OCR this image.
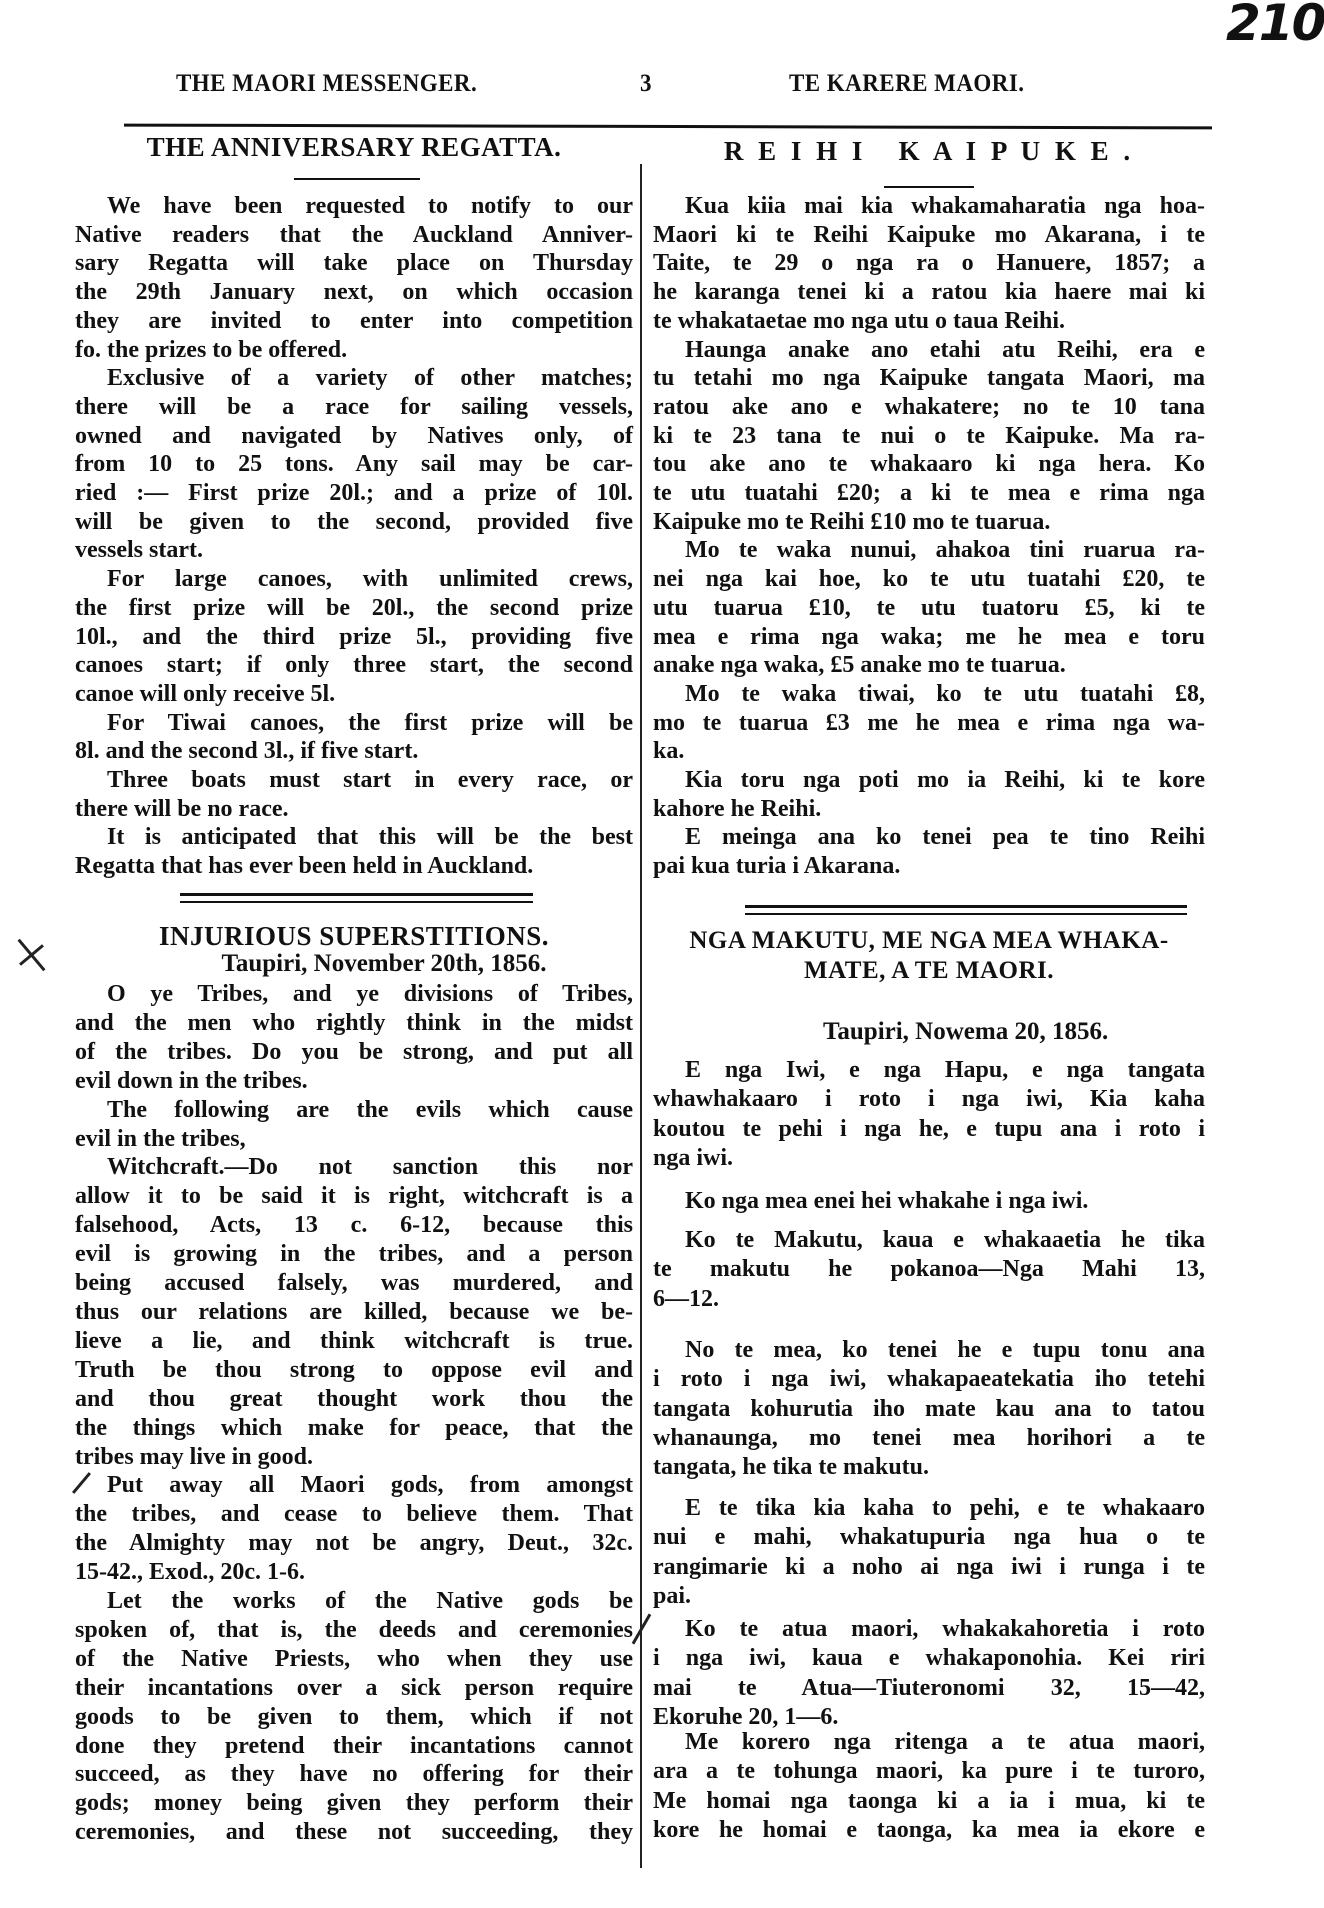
210
THE MAORI MESSENGER.	3	TE KARERE MAORI.
THE ANNIVERSARY REGATTA.
We have been requested to notify to our
Native readers that the Auckland Anniver-
sary Regatta will take place on Thursday
the 29th January next, on which occasion
they are invited to enter into competition
fo. the prizes to be offered.
Exclusive of a variety of other matches;
there will be a race for sailing vessels,
owned and navigated by Natives only, of
from 10 to 25 tons. Any sail may be car-
ried :— First prize 20l.; and a prize of 10l.
will be given to the second, provided five
vessels start.
For large canoes, with unlimited crews,
the first prize will be 20l., the second prize
10l., and the third prize 5l., providing five
canoes start; if only three start, the second
canoe will only receive 5l.
For Tiwai canoes, the first prize will be
8l. and the second 3l., if five start.
Three boats must start in every race, or
there will be no race.
It is anticipated that this will be the best
Regatta that has ever been held in Auckland.
INJURIOUS SUPERSTITIONS.
Taupiri, November 20th, 1856.
O ye Tribes, and ye divisions of Tribes,
and the men who rightly think in the midst
of the tribes. Do you be strong, and put all
evil down in the tribes.
The following are the evils which cause
evil in the tribes,
Witchcraft.—Do not sanction this nor
allow it to be said it is right, witchcraft is a
falsehood, Acts, 13 c. 6-12, because this
evil is growing in the tribes, and a person
being accused falsely, was murdered, and
thus our relations are killed, because we be-
lieve a lie, and think witchcraft is true.
Truth be thou strong to oppose evil and
and thou great thought work thou the
the things which make for peace, that the
tribes may live in good.
Put away all Maori gods, from amongst
the tribes, and cease to believe them. That
the Almighty may not be angry, Deut., 32c.
15-42., Exod., 20c. 1-6.
Let the works of the Native gods be
spoken of, that is, the deeds and ceremonies
of the Native Priests, who when they use
their incantations over a sick person require
goods to be given to them, which if not
done they pretend their incantations cannot
succeed, as they have no offering for their
gods; money being given they perform their
ceremonies, and these not succeeding, they
R E I H I   K A I P U K E .
Kua kiia mai kia whakamaharatia nga hoa-
Maori ki te Reihi Kaipuke mo Akarana, i te
Taite, te 29 o nga ra o Hanuere, 1857; a
he karanga tenei ki a ratou kia haere mai ki
te whakataetae mo nga utu o taua Reihi.
Haunga anake ano etahi atu Reihi, era e
tu tetahi mo nga Kaipuke tangata Maori, ma
ratou ake ano e whakatere; no te 10 tana
ki te 23 tana te nui o te Kaipuke. Ma ra-
tou ake ano te whakaaro ki nga hera. Ko
te utu tuatahi £20; a ki te mea e rima nga
Kaipuke mo te Reihi £10 mo te tuarua.
Mo te waka nunui, ahakoa tini ruarua ra-
nei nga kai hoe, ko te utu tuatahi £20, te
utu tuarua £10, te utu tuatoru £5, ki te
mea e rima nga waka; me he mea e toru
anake nga waka, £5 anake mo te tuarua.
Mo te waka tiwai, ko te utu tuatahi £8,
mo te tuarua £3 me he mea e rima nga wa-
ka.
Kia toru nga poti mo ia Reihi, ki te kore
kahore he Reihi.
E meinga ana ko tenei pea te tino Reihi
pai kua turia i Akarana.
NGA MAKUTU, ME NGA MEA WHAKA-
MATE, A TE MAORI.
Taupiri, Nowema 20, 1856.
E nga Iwi, e nga Hapu, e nga tangata
whawhakaaro i roto i nga iwi, Kia kaha
koutou te pehi i nga he, e tupu ana i roto i
nga iwi.
Ko nga mea enei hei whakahe i nga iwi.
Ko te Makutu, kaua e whakaaetia he tika
te makutu he pokanoa—Nga Mahi 13,
6—12.
No te mea, ko tenei he e tupu tonu ana
i roto i nga iwi, whakapaeatekatia iho tetehi
tangata kohurutia iho mate kau ana to tatou
whanaunga, mo tenei mea horihori a te
tangata, he tika te makutu.
E te tika kia kaha to pehi, e te whakaaro
nui e mahi, whakatupuria nga hua o te
rangimarie ki a noho ai nga iwi i runga i te
pai.
Ko te atua maori, whakakahoretia i roto
i nga iwi, kaua e whakaponohia. Kei riri
mai te Atua—Tiuteronomi 32, 15—42,
Ekoruhe 20, 1—6.
Me korero nga ritenga a te atua maori,
ara a te tohunga maori, ka pure i te turoro,
Me homai nga taonga ki a ia i mua, ki te
kore he homai e taonga, ka mea ia ekore e
